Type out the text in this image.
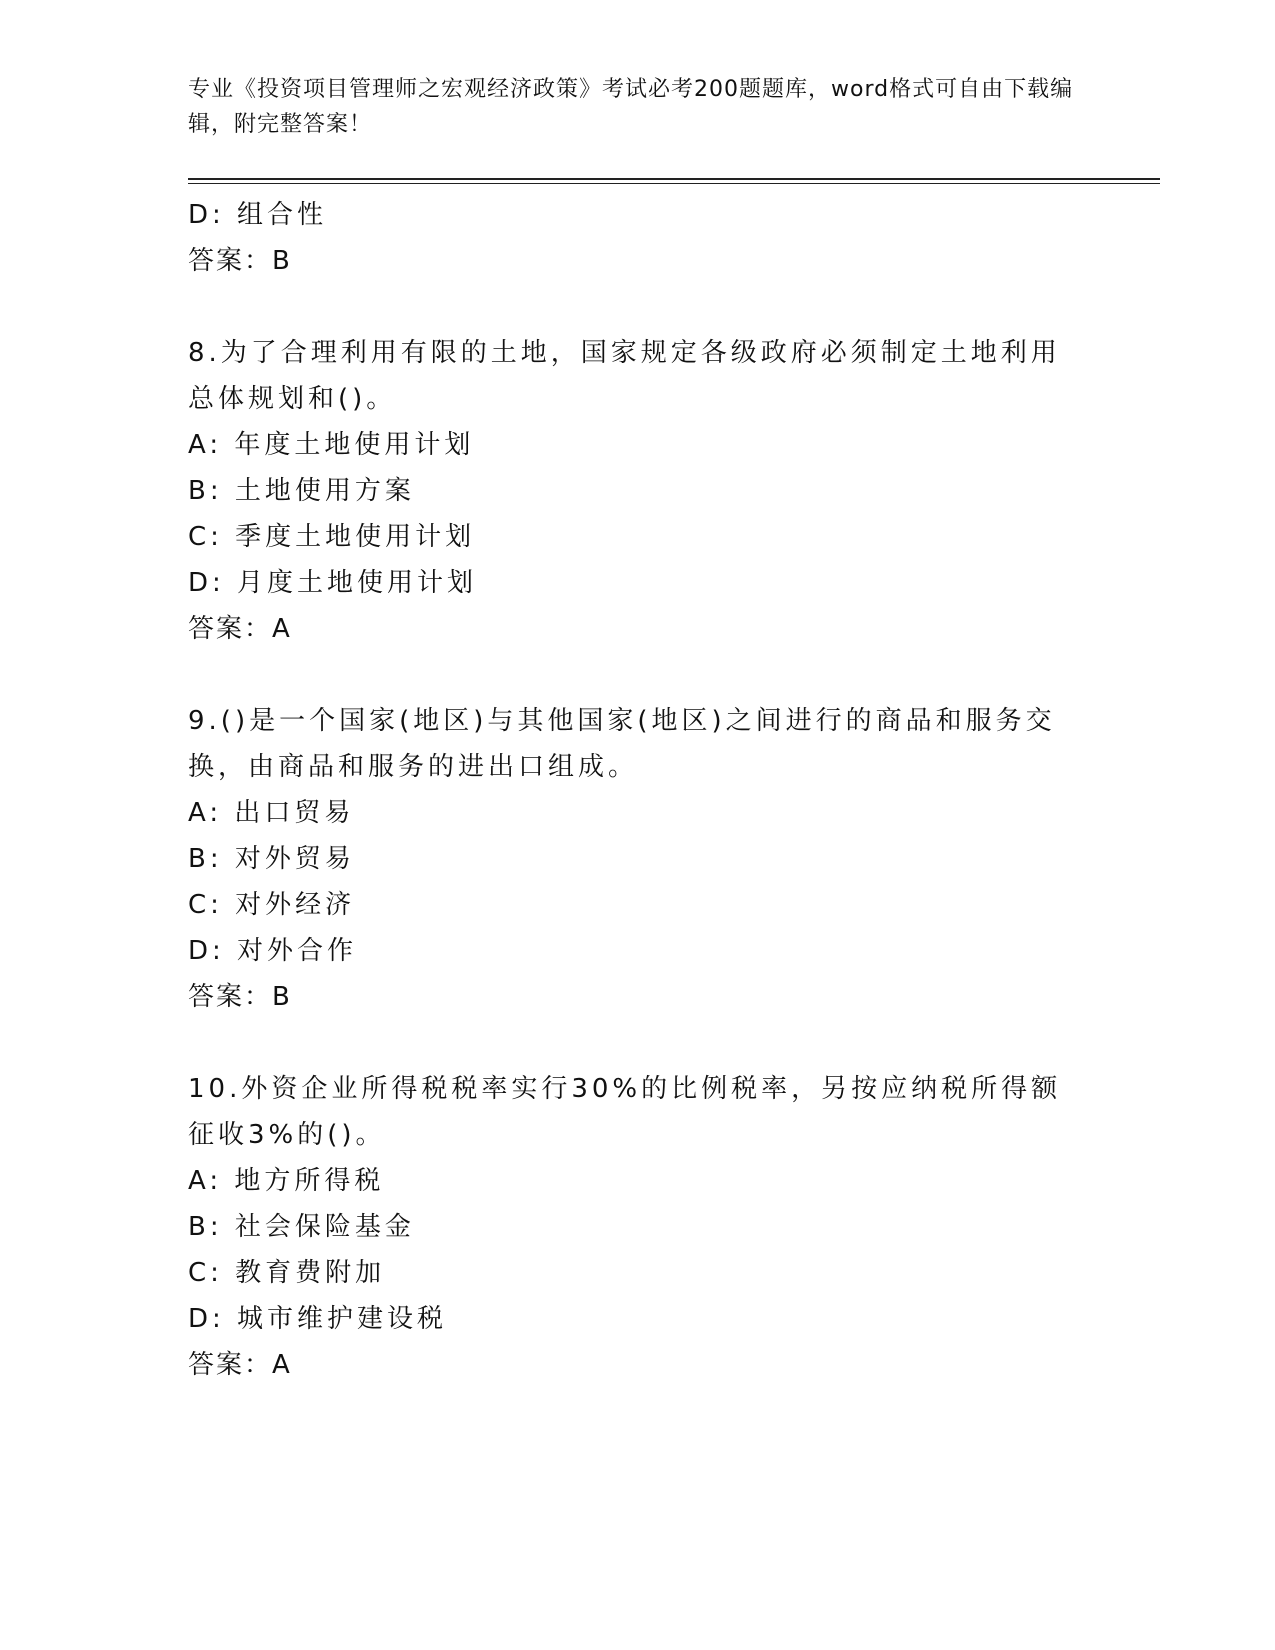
专业《投资项目管理师之宏观经济政策》考试必考200题题库，word格式可自由下载编辑，附完整答案！
D: 组合性
答案：B
8.为了合理利用有限的土地，国家规定各级政府必须制定土地利用总体规划和()。
A: 年度土地使用计划
B: 土地使用方案
C: 季度土地使用计划
D: 月度土地使用计划
答案：A
9.()是一个国家(地区)与其他国家(地区)之间进行的商品和服务交换，由商品和服务的进出口组成。
A: 出口贸易
B: 对外贸易
C: 对外经济
D: 对外合作
答案：B
10.外资企业所得税税率实行30%的比例税率，另按应纳税所得额征收3%的()。
A: 地方所得税
B: 社会保险基金
C: 教育费附加
D: 城市维护建设税
答案：A
